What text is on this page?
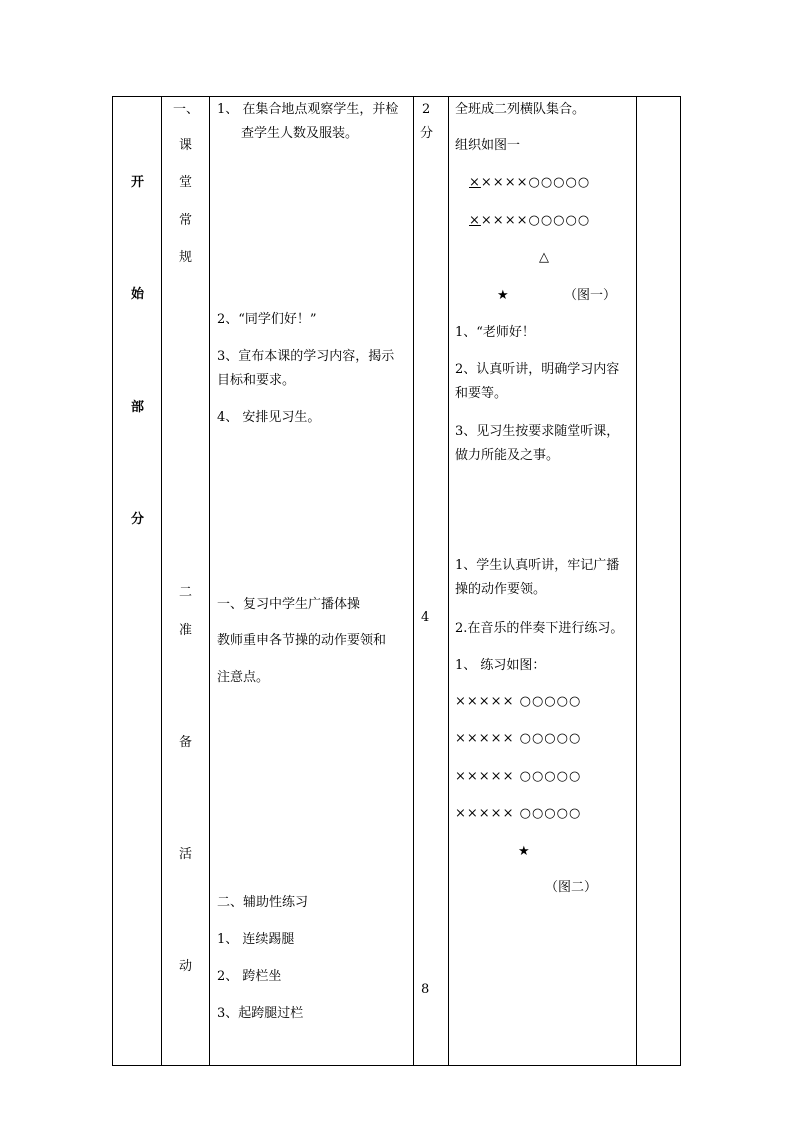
开
始
部
分
一、
课
堂
常
规
二
准
备
活
动
1、 在集合地点观察学生，并检
查学生人数及服装。
2、“同学们好！”
3、宣布本课的学习内容，揭示
目标和要求。
4、 安排见习生。
一、复习中学生广播体操
教师重申各节操的动作要领和
注意点。
二、辅助性练习
1、 连续踢腿
2、 跨栏坐
3、起跨腿过栏
2
分
4
8
全班成二列横队集合。
组织如图一
×××××○○○○○
×××××○○○○○
△
★	（图一）
1、“老师好！
2、认真听讲，明确学习内容
和要等。
3、见习生按要求随堂听课，
做力所能及之事。
1、学生认真听讲，牢记广播
操的动作要领。
2.在音乐的伴奏下进行练习。
1、 练习如图：
××××× ○○○○○
××××× ○○○○○
××××× ○○○○○
××××× ○○○○○
★
（图二）
